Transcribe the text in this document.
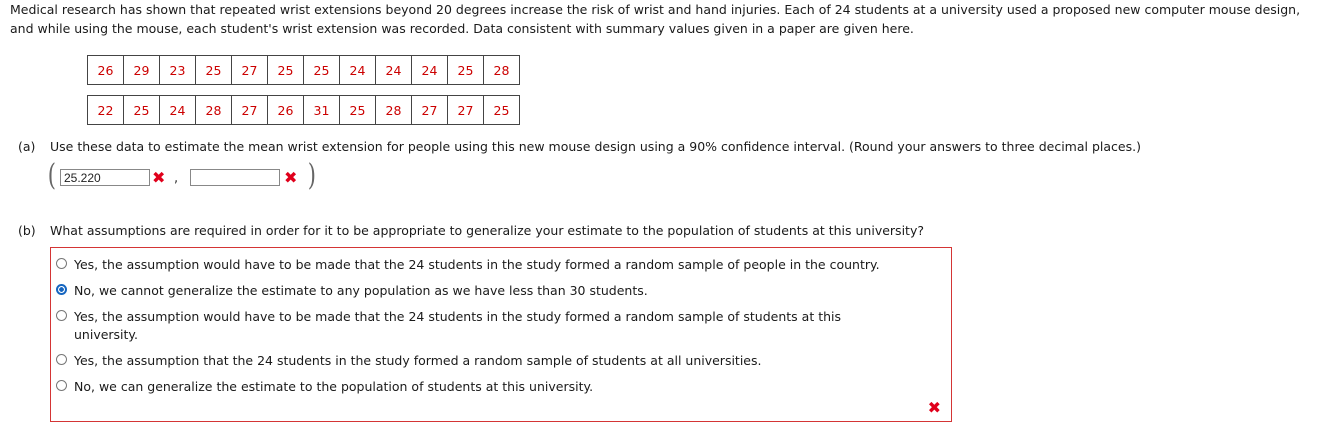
Medical research has shown that repeated wrist extensions beyond 20 degrees increase the risk of wrist and hand injuries. Each of 24 students at a university used a proposed new computer mouse design, and while using the mouse, each student's wrist extension was recorded. Data consistent with summary values given in a paper are given here.
26	29	23	25	27	25	25	24	24	24	25	28

22	25	24	28	27	26	31	25	28	27	27	25
(a) Use these data to estimate the mean wrist extension for people using this new mouse design using a 90% confidence interval. (Round your answers to three decimal places.)
(
25.220	✖ ,	✖ )
(b) What assumptions are required in order for it to be appropriate to generalize your estimate to the population of students at this university?
Yes, the assumption would have to be made that the 24 students in the study formed a random sample of people in the country.
No, we cannot generalize the estimate to any population as we have less than 30 students.
Yes, the assumption would have to be made that the 24 students in the study formed a random sample of students at this university.
Yes, the assumption that the 24 students in the study formed a random sample of students at all universities.
No, we can generalize the estimate to the population of students at this university.
✖
